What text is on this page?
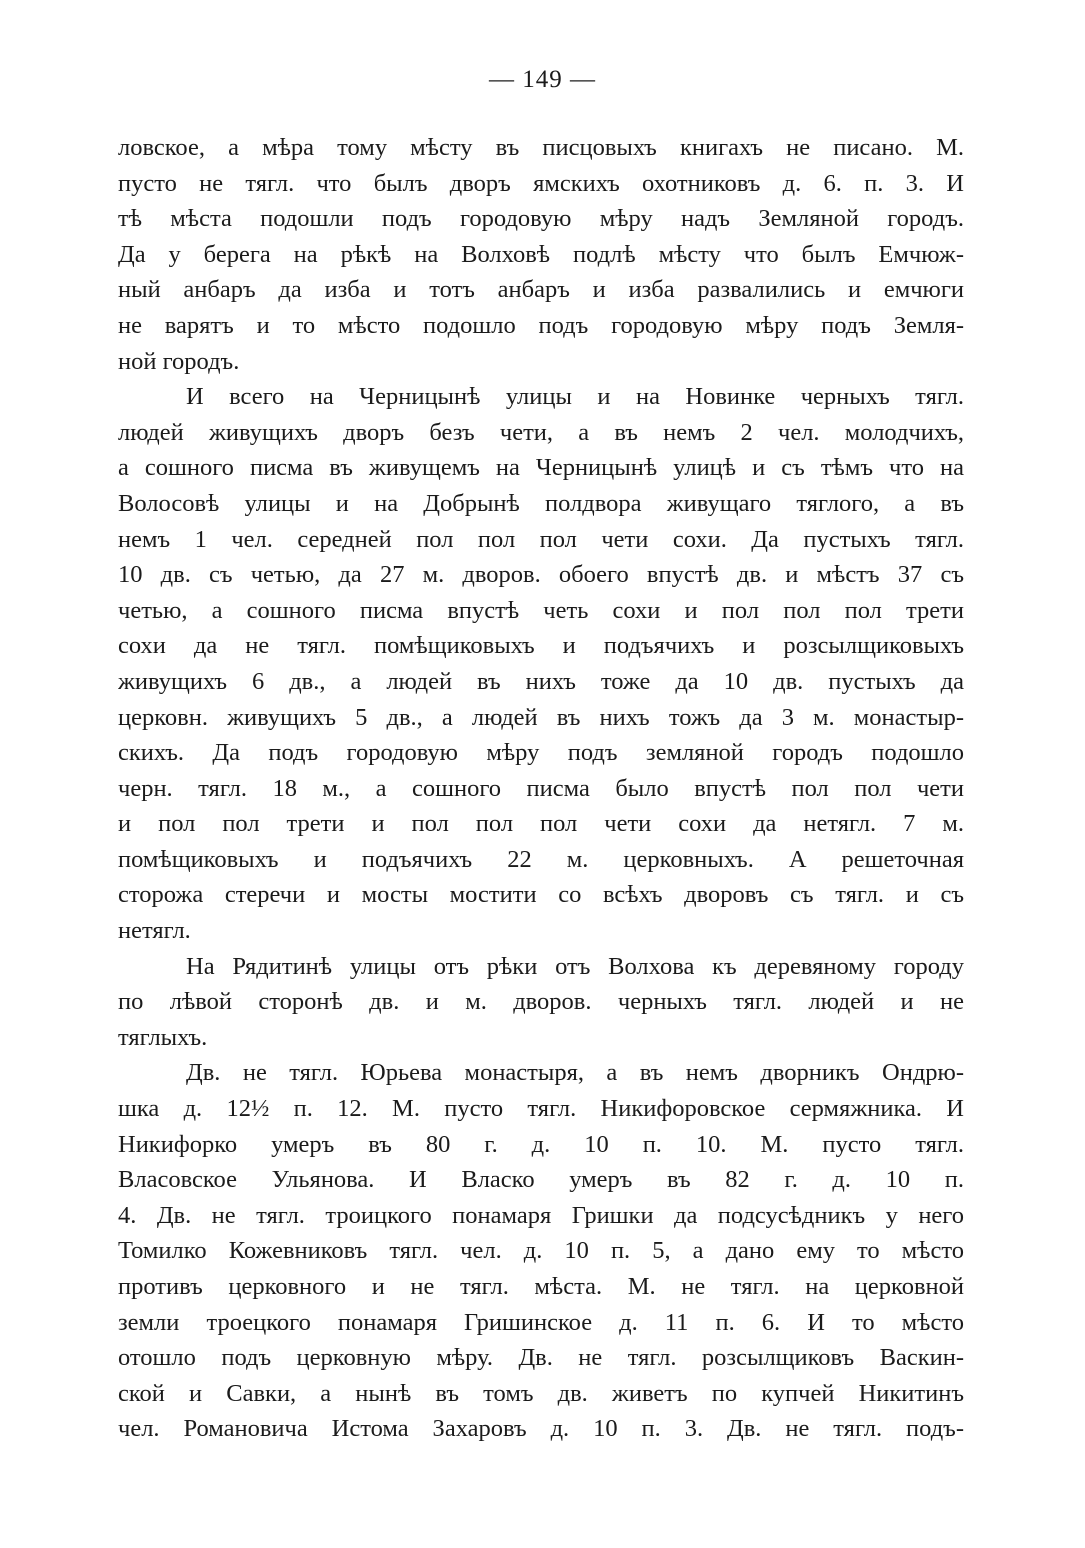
— 149 —
ловское, а мѣра тому мѣсту въ писцовыхъ книгахъ не писано. М.
пусто не тягл. что былъ дворъ ямскихъ охотниковъ д. 6. п. 3. И
тѣ мѣста подошли подъ городовую мѣру надъ Земляной городъ.
Да у берега на рѣкѣ на Волховѣ подлѣ мѣсту что былъ Емчюж-
ный анбаръ да изба и тотъ анбаръ и изба развалились и емчюги
не варятъ и то мѣсто подошло подъ городовую мѣру подъ Земля-
ной городъ.
И всего на Черницынѣ улицы и на Новинке черныхъ тягл.
людей живущихъ дворъ безъ чети, а въ немъ 2 чел. молодчихъ,
а сошного писма въ живущемъ на Черницынѣ улицѣ и съ тѣмъ что на
Волосовѣ улицы и на Добрынѣ полдвора живущаго тяглого, а въ
немъ 1 чел. середней пол пол пол чети сохи. Да пустыхъ тягл.
10 дв. съ четью, да 27 м. дворов. обоего впустѣ дв. и мѣстъ 37 съ
четью, а сошного писма впустѣ четь сохи и пол пол пол трети
сохи да не тягл. помѣщиковыхъ и подъячихъ и розсылщиковыхъ
живущихъ 6 дв., а людей въ нихъ тоже да 10 дв. пустыхъ да
церковн. живущихъ 5 дв., а людей въ нихъ тожъ да 3 м. монастыр-
скихъ. Да подъ городовую мѣру подъ земляной городъ подошло
черн. тягл. 18 м., а сошного писма было впустѣ пол пол чети
и пол пол трети и пол пол пол чети сохи да нетягл. 7 м.
помѣщиковыхъ и подъячихъ 22 м. церковныхъ. А решеточная
сторожа стеречи и мосты мостити со всѣхъ дворовъ съ тягл. и съ
нетягл.
На Рядитинѣ улицы отъ рѣки отъ Волхова къ деревяному городу
по лѣвой сторонѣ дв. и м. дворов. черныхъ тягл. людей и не
тяглыхъ.
Дв. не тягл. Юрьева монастыря, а въ немъ дворникъ Ондрю-
шка д. 12½ п. 12. М. пусто тягл. Никифоровское сермяжника. И
Никифорко умеръ въ 80 г. д. 10 п. 10. М. пусто тягл.
Власовское Ульянова. И Власко умеръ въ 82 г. д. 10 п.
4. Дв. не тягл. троицкого понамаря Гришки да подсусѣдникъ у него
Томилко Кожевниковъ тягл. чел. д. 10 п. 5, а дано ему то мѣсто
противъ церковного и не тягл. мѣста. М. не тягл. на церковной
земли троецкого понамаря Гришинское д. 11 п. 6. И то мѣсто
отошло подъ церковную мѣру. Дв. не тягл. розсылщиковъ Васкин-
ской и Савки, а нынѣ въ томъ дв. живетъ по купчей Никитинъ
чел. Романовича Истома Захаровъ д. 10 п. 3. Дв. не тягл. подъ-
